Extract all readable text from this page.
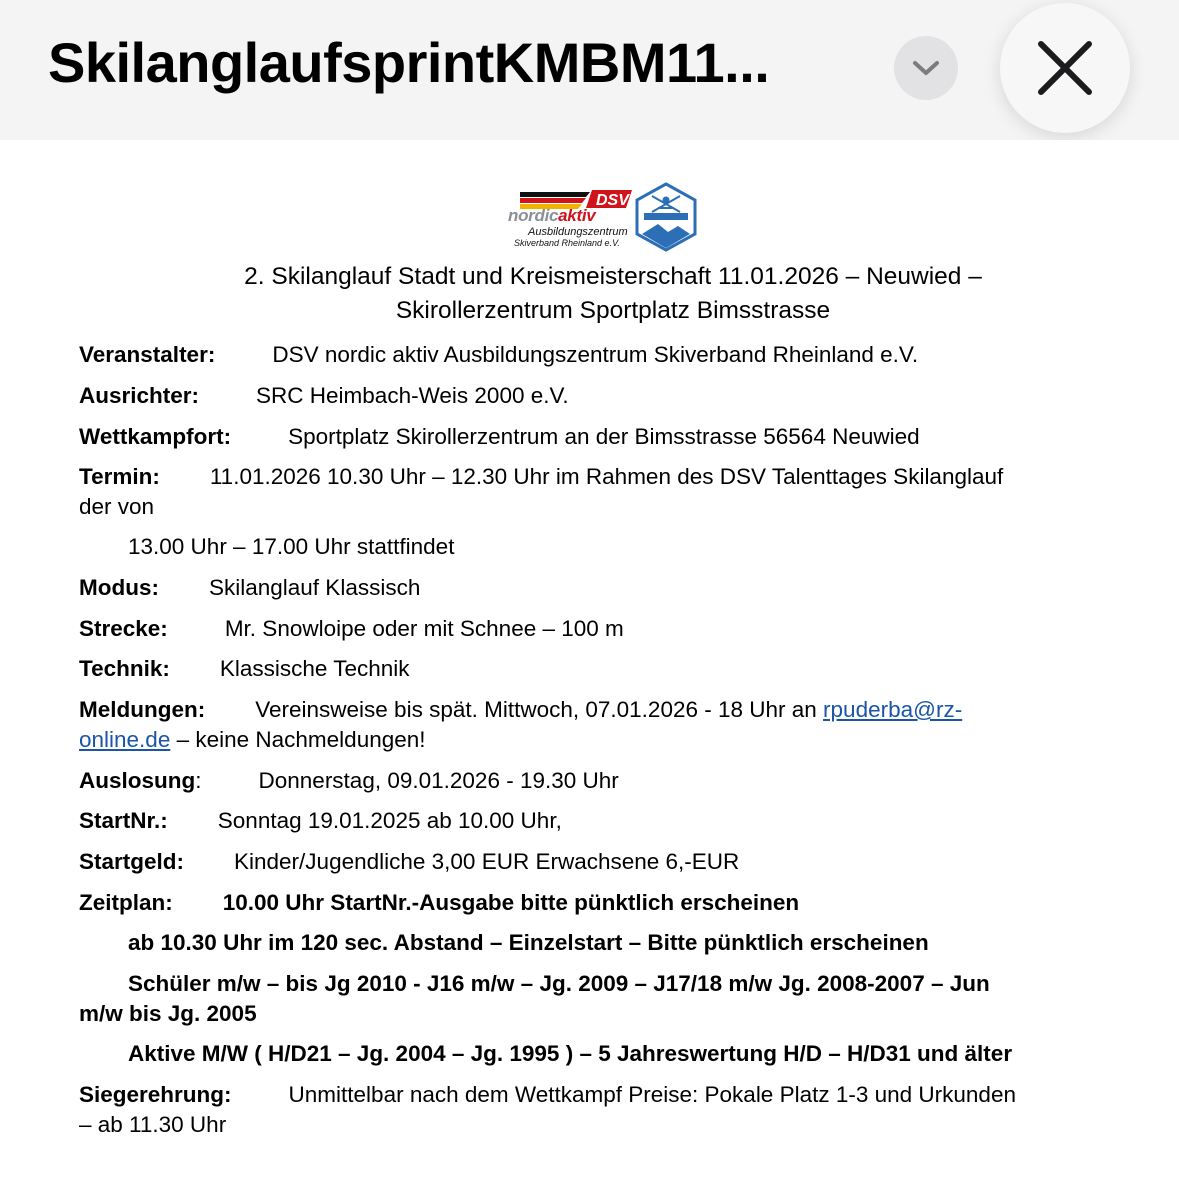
SkilanglaufsprintKMBM11...
DSV
nordicaktiv
Ausbildungszentrum
Skiverband Rheinland e.V.
2. Skilanglauf Stadt und Kreismeisterschaft 11.01.2026 – Neuwied –
Skirollerzentrum Sportplatz Bimsstrasse
Veranstalter:	DSV nordic aktiv Ausbildungszentrum Skiverband Rheinland e.V.
Ausrichter:	SRC Heimbach-Weis 2000 e.V.
Wettkampfort:	Sportplatz Skirollerzentrum an der Bimsstrasse 56564 Neuwied
Termin: 11.01.2026 10.30 Uhr – 12.30 Uhr im Rahmen des DSV Talenttages Skilanglauf
der von
13.00 Uhr – 17.00 Uhr stattfindet
Modus: Skilanglauf Klassisch
Strecke:	Mr. Snowloipe oder mit Schnee – 100 m
Technik: Klassische Technik
Meldungen: Vereinsweise bis spät. Mittwoch, 07.01.2026 - 18 Uhr an rpuderba@rz-
online.de – keine Nachmeldungen!
Auslosung:	Donnerstag, 09.01.2026 - 19.30 Uhr
StartNr.: Sonntag 19.01.2025 ab 10.00 Uhr,
Startgeld: Kinder/Jugendliche 3,00 EUR Erwachsene 6,-EUR
Zeitplan: 10.00 Uhr StartNr.-Ausgabe bitte pünktlich erscheinen
ab 10.30 Uhr im 120 sec. Abstand – Einzelstart – Bitte pünktlich erscheinen
Schüler m/w – bis Jg 2010 - J16 m/w – Jg. 2009 – J17/18 m/w Jg. 2008-2007 – Jun
m/w bis Jg. 2005
Aktive M/W ( H/D21 – Jg. 2004 – Jg. 1995 ) – 5 Jahreswertung H/D – H/D31 und älter
Siegerehrung:	Unmittelbar nach dem Wettkampf Preise: Pokale Platz 1-3 und Urkunden
– ab 11.30 Uhr
